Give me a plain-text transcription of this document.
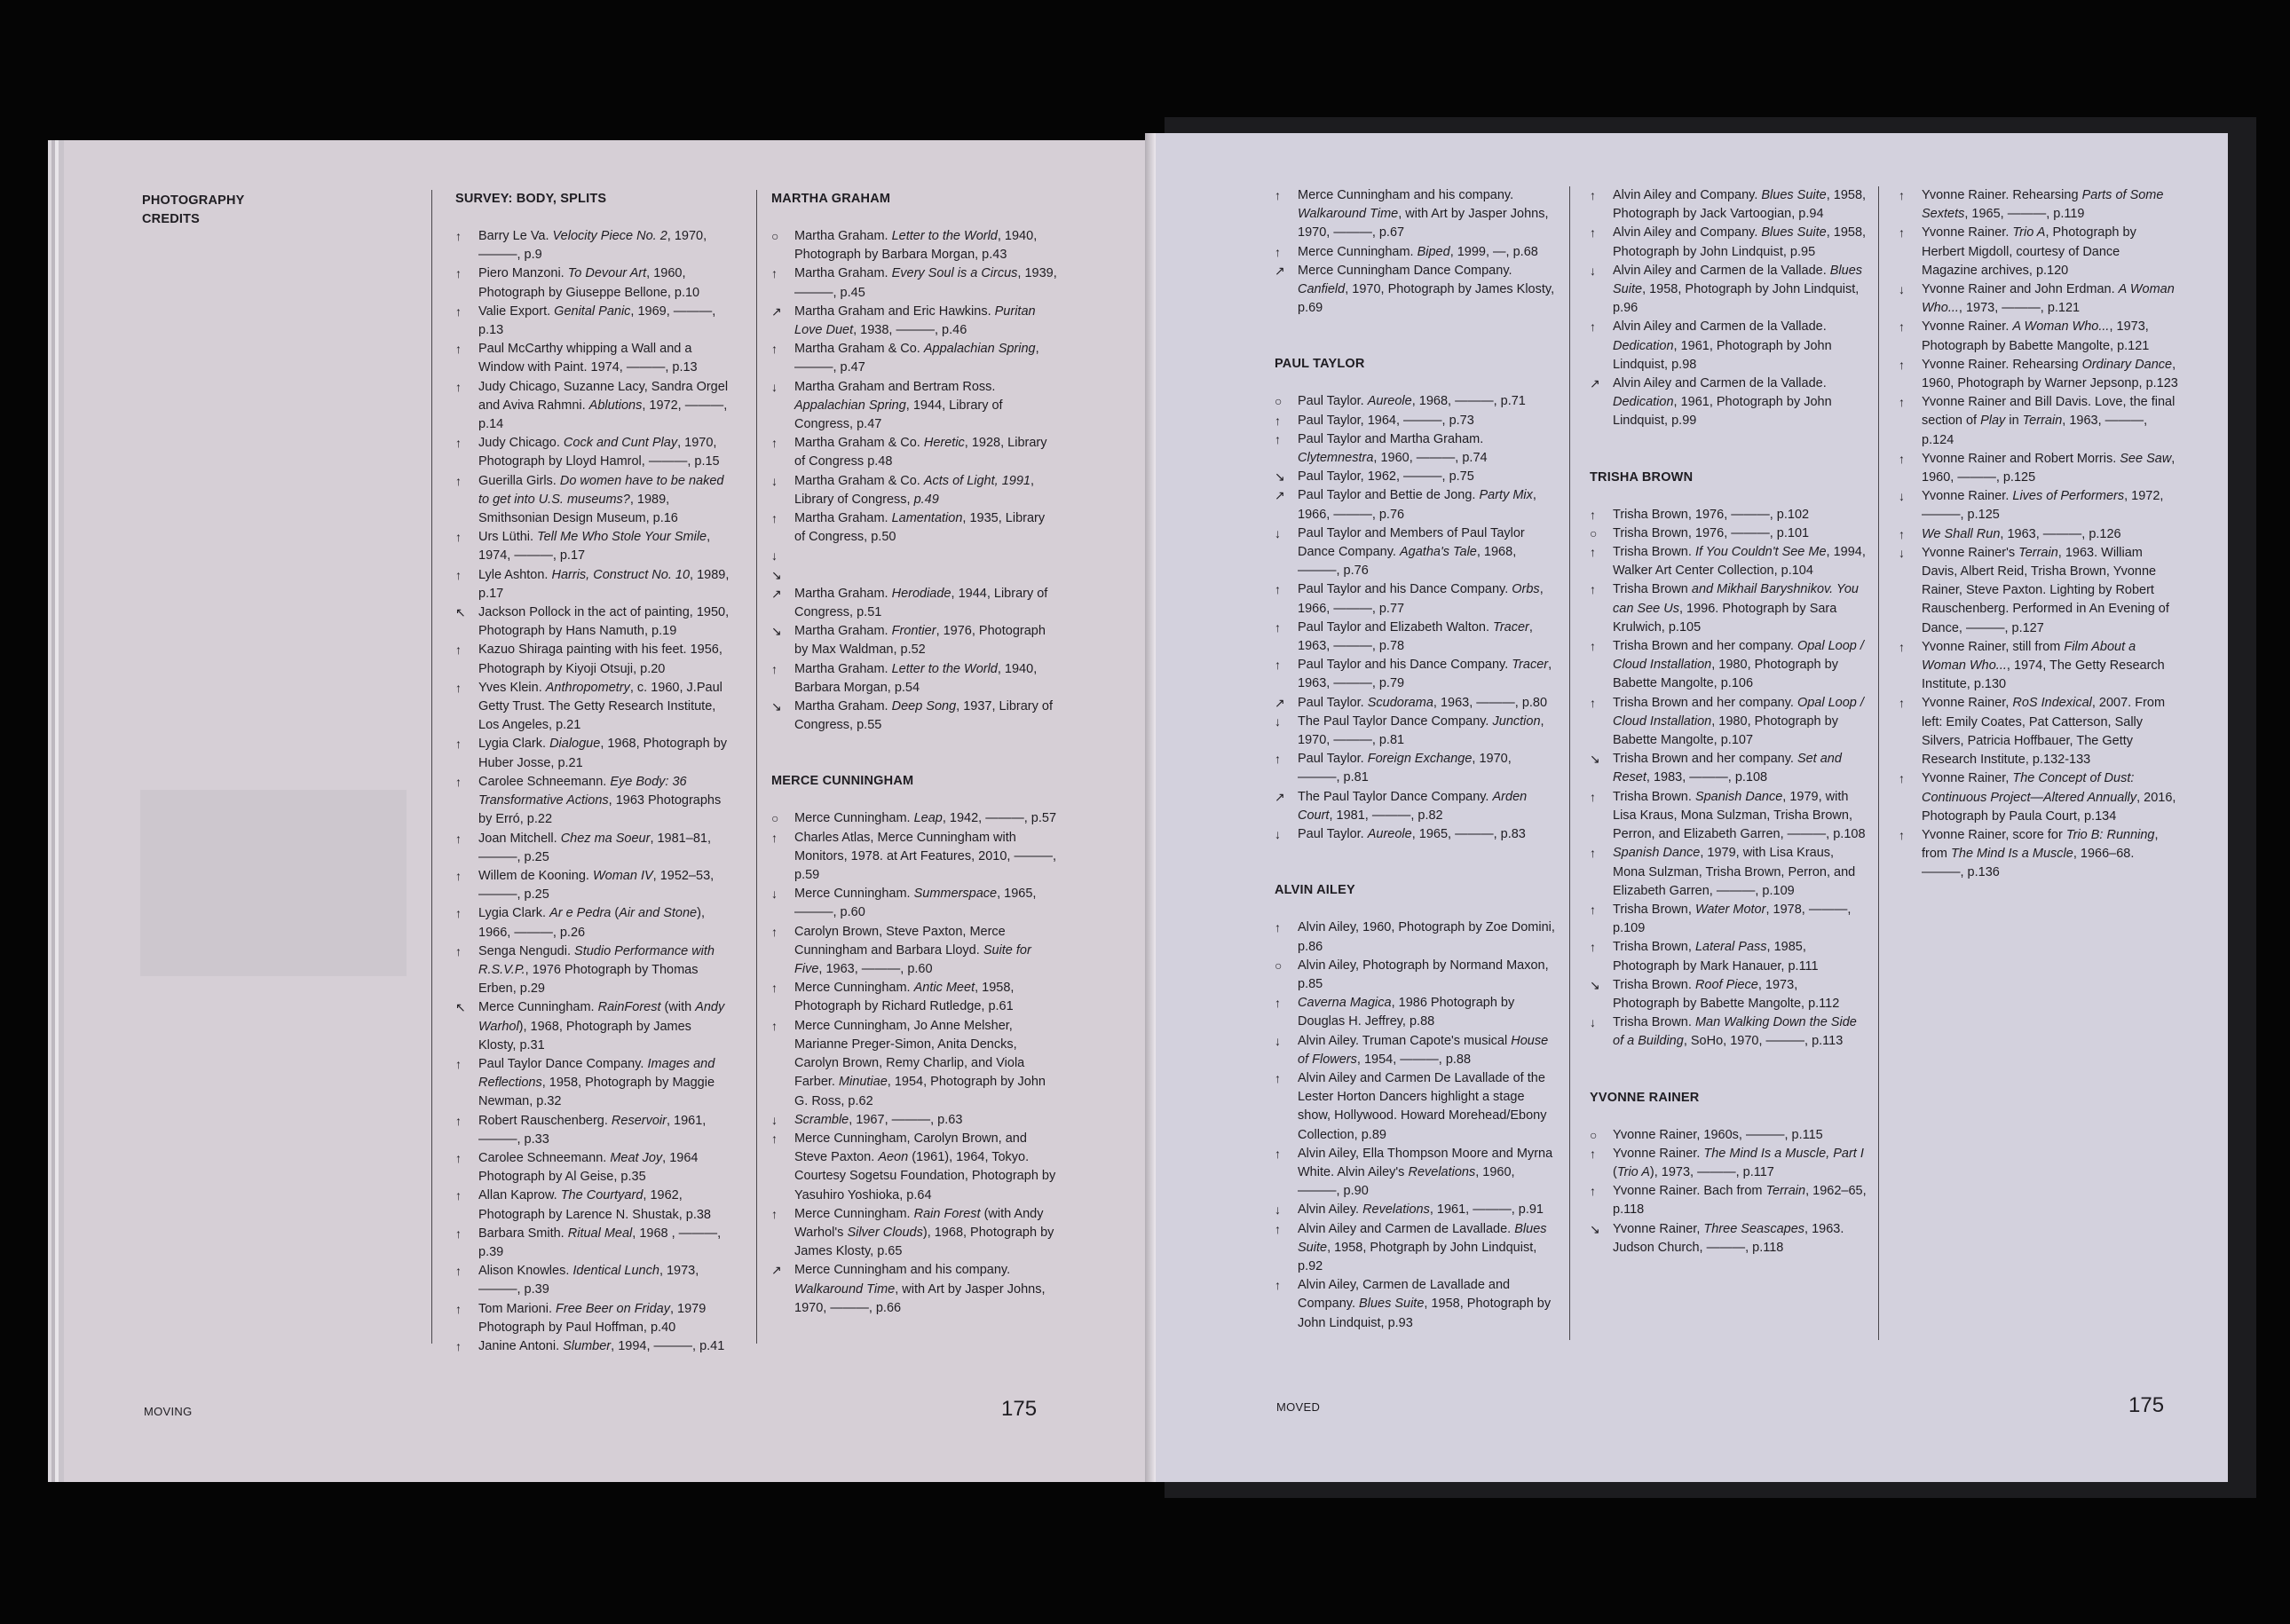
PHOTOGRAPHY
CREDITS
SURVEY: BODY, SPLITS
↑	Barry Le Va. Velocity Piece No. 2, 1970, ———, p.9
↑	Piero Manzoni. To Devour Art, 1960, Photograph by Giuseppe Bellone, p.10
↑	Valie Export. Genital Panic, 1969, ———, p.13
↑	Paul McCarthy whipping a Wall and a Window with Paint. 1974, ———, p.13
↑	Judy Chicago, Suzanne Lacy, Sandra Orgel and Aviva Rahmni. Ablutions, 1972, ———, p.14
↑	Judy Chicago. Cock and Cunt Play, 1970, Photograph by Lloyd Hamrol, ———, p.15
↑	Guerilla Girls. Do women have to be naked to get into U.S. museums?, 1989, Smithsonian Design Museum, p.16
↑	Urs Lüthi. Tell Me Who Stole Your Smile, 1974, ———, p.17
↑	Lyle Ashton. Harris, Construct No. 10, 1989, p.17
↖ Jackson Pollock in the act of painting, 1950, Photograph by Hans Namuth, p.19
↑	Kazuo Shiraga painting with his feet. 1956, Photograph by Kiyoji Otsuji, p.20
↑	Yves Klein. Anthropometry, c. 1960, J.Paul Getty Trust. The Getty Research Institute, Los Angeles, p.21
↑	Lygia Clark. Dialogue, 1968, Photograph by Huber Josse, p.21
↑	Carolee Schneemann. Eye Body: 36 Transformative Actions, 1963 Photographs by Erró, p.22
↑	Joan Mitchell. Chez ma Soeur, 1981–81, ———, p.25
↑	Willem de Kooning. Woman IV, 1952–53, ———, p.25
↑	Lygia Clark. Ar e Pedra (Air and Stone), 1966, ———, p.26
↑	Senga Nengudi. Studio Performance with R.S.V.P., 1976 Photograph by Thomas Erben, p.29
↖ Merce Cunningham. RainForest (with Andy Warhol), 1968, Photograph by James Klosty, p.31
↑	Paul Taylor Dance Company. Images and Reflections, 1958, Photograph by Maggie Newman, p.32
↑	Robert Rauschenberg. Reservoir, 1961, ———, p.33
↑	Carolee Schneemann. Meat Joy, 1964 Photograph by Al Geise, p.35
↑	Allan Kaprow. The Courtyard, 1962, Photograph by Larence N. Shustak, p.38
↑	Barbara Smith. Ritual Meal, 1968 , ———, p.39
↑	Alison Knowles. Identical Lunch, 1973, ———, p.39
↑	Tom Marioni. Free Beer on Friday, 1979 Photograph by Paul Hoffman, p.40
↑	Janine Antoni. Slumber, 1994, ———, p.41
MARTHA GRAHAM
○	Martha Graham. Letter to the World, 1940, Photograph by Barbara Morgan, p.43
↑	Martha Graham. Every Soul is a Circus, 1939, ———, p.45
↗ Martha Graham and Eric Hawkins. Puritan Love Duet, 1938, ———, p.46
↑	Martha Graham & Co. Appalachian Spring, ———, p.47
↓	Martha Graham and Bertram Ross. Appalachian Spring, 1944, Library of Congress, p.47
↑	Martha Graham & Co. Heretic, 1928, Library of Congress p.48
↓	Martha Graham & Co. Acts of Light, 1991, Library of Congress, p.49
↑	Martha Graham. Lamentation, 1935, Library of Congress, p.50
↓
↘
↗ Martha Graham. Herodiade, 1944, Library of Congress, p.51
↘ Martha Graham. Frontier, 1976, Photograph by Max Waldman, p.52
↑	Martha Graham. Letter to the World, 1940, Barbara Morgan, p.54
↘ Martha Graham. Deep Song, 1937, Library of Congress, p.55
MERCE CUNNINGHAM
○	Merce Cunningham. Leap, 1942, ———, p.57
↑	Charles Atlas, Merce Cunningham with Monitors, 1978. at Art Features, 2010, ———, p.59
↓	Merce Cunningham. Summerspace, 1965, ———, p.60
↑	Carolyn Brown, Steve Paxton, Merce Cunningham and Barbara Lloyd. Suite for Five, 1963, ———, p.60
↑	Merce Cunningham. Antic Meet, 1958, Photograph by Richard Rutledge, p.61
↑	Merce Cunningham, Jo Anne Melsher, Marianne Preger-Simon, Anita Dencks, Carolyn Brown, Remy Charlip, and Viola Farber. Minutiae, 1954, Photograph by John G. Ross, p.62
↓	Scramble, 1967, ———, p.63
↑	Merce Cunningham, Carolyn Brown, and Steve Paxton. Aeon (1961), 1964, Tokyo. Courtesy Sogetsu Foundation, Photograph by Yasuhiro Yoshioka, p.64
↑	Merce Cunningham. Rain Forest (with Andy Warhol's Silver Clouds), 1968, Photograph by James Klosty, p.65
↗ Merce Cunningham and his company. Walkaround Time, with Art by Jasper Johns, 1970, ———, p.66
↑	Merce Cunningham and his company. Walkaround Time, with Art by Jasper Johns, 1970, ———, p.67
↑	Merce Cunningham. Biped, 1999, —, p.68
↗ Merce Cunningham Dance Company. Canfield, 1970, Photograph by James Klosty, p.69
PAUL TAYLOR
○	Paul Taylor. Aureole, 1968, ———, p.71
↑	Paul Taylor, 1964, ———, p.73
↑	Paul Taylor and Martha Graham. Clytemnestra, 1960, ———, p.74
↘ Paul Taylor, 1962, ———, p.75
↗ Paul Taylor and Bettie de Jong. Party Mix, 1966, ———, p.76
↓	Paul Taylor and Members of Paul Taylor Dance Company. Agatha's Tale, 1968, ———, p.76
↑	Paul Taylor and his Dance Company. Orbs, 1966, ———, p.77
↑	Paul Taylor and Elizabeth Walton. Tracer, 1963, ———, p.78
↑	Paul Taylor and his Dance Company. Tracer, 1963, ———, p.79
↗ Paul Taylor. Scudorama, 1963, ———, p.80
↓	The Paul Taylor Dance Company. Junction, 1970, ———, p.81
↑	Paul Taylor. Foreign Exchange, 1970, ———, p.81
↗ The Paul Taylor Dance Company. Arden Court, 1981, ———, p.82
↓	Paul Taylor. Aureole, 1965, ———, p.83
ALVIN AILEY
↑	Alvin Ailey, 1960, Photograph by Zoe Domini, p.86
○	Alvin Ailey, Photograph by Normand Maxon, p.85
↑	Caverna Magica, 1986 Photograph by Douglas H. Jeffrey, p.88
↓	Alvin Ailey. Truman Capote's musical House of Flowers, 1954, ———, p.88
↑	Alvin Ailey and Carmen De Lavallade of the Lester Horton Dancers highlight a stage show, Hollywood. Howard Morehead/Ebony Collection, p.89
↑	Alvin Ailey, Ella Thompson Moore and Myrna White. Alvin Ailey's Revelations, 1960, ———, p.90
↓	Alvin Ailey. Revelations, 1961, ———, p.91
↑	Alvin Ailey and Carmen de Lavallade. Blues Suite, 1958, Photgraph by John Lindquist, p.92
↑	Alvin Ailey, Carmen de Lavallade and Company. Blues Suite, 1958, Photograph by John Lindquist, p.93
↑	Alvin Ailey and Company. Blues Suite, 1958, Photograph by Jack Vartoogian, p.94
↑	Alvin Ailey and Company. Blues Suite, 1958, Photograph by John Lindquist, p.95
↓	Alvin Ailey and Carmen de la Vallade. Blues Suite, 1958, Photograph by John Lindquist, p.96
↑	Alvin Ailey and Carmen de la Vallade. Dedication, 1961, Photograph by John Lindquist, p.98
↗ Alvin Ailey and Carmen de la Vallade. Dedication, 1961, Photograph by John Lindquist, p.99
TRISHA BROWN
↑	Trisha Brown, 1976, ———, p.102
○	Trisha Brown, 1976, ———, p.101
↑	Trisha Brown. If You Couldn't See Me, 1994, Walker Art Center Collection, p.104
↑	Trisha Brown and Mikhail Baryshnikov. You can See Us, 1996. Photograph by Sara Krulwich, p.105
↑	Trisha Brown and her company. Opal Loop / Cloud Installation, 1980, Photograph by Babette Mangolte, p.106
↑	Trisha Brown and her company. Opal Loop / Cloud Installation, 1980, Photograph by Babette Mangolte, p.107
↘ Trisha Brown and her company. Set and Reset, 1983, ———, p.108
↑	Trisha Brown. Spanish Dance, 1979, with Lisa Kraus, Mona Sulzman, Trisha Brown, Perron, and Elizabeth Garren, ———, p.108
↑	Spanish Dance, 1979, with Lisa Kraus, Mona Sulzman, Trisha Brown, Perron, and Elizabeth Garren, ———, p.109
↑	Trisha Brown, Water Motor, 1978, ———, p.109
↑	Trisha Brown, Lateral Pass, 1985, Photograph by Mark Hanauer, p.111
↘ Trisha Brown. Roof Piece, 1973, Photograph by Babette Mangolte, p.112
↓	Trisha Brown. Man Walking Down the Side of a Building, SoHo, 1970, ———, p.113
YVONNE RAINER
○	Yvonne Rainer, 1960s, ———, p.115
↑	Yvonne Rainer. The Mind Is a Muscle, Part I (Trio A), 1973, ———, p.117
↑	Yvonne Rainer. Bach from Terrain, 1962–65, p.118
↘ Yvonne Rainer, Three Seascapes, 1963. Judson Church, ———, p.118
↑	Yvonne Rainer. Rehearsing Parts of Some Sextets, 1965, ———, p.119
↑	Yvonne Rainer. Trio A, Photograph by Herbert Migdoll, courtesy of Dance Magazine archives, p.120
↓	Yvonne Rainer and John Erdman. A Woman Who..., 1973, ———, p.121
↑	Yvonne Rainer. A Woman Who..., 1973, Photograph by Babette Mangolte, p.121
↑	Yvonne Rainer. Rehearsing Ordinary Dance, 1960, Photograph by Warner Jepsonp, p.123
↑	Yvonne Rainer and Bill Davis. Love, the final section of Play in Terrain, 1963, ———, p.124
↑	Yvonne Rainer and Robert Morris. See Saw, 1960, ———, p.125
↓	Yvonne Rainer. Lives of Performers, 1972, ———, p.125
↑	We Shall Run, 1963, ———, p.126
↓	Yvonne Rainer's Terrain, 1963. William Davis, Albert Reid, Trisha Brown, Yvonne Rainer, Steve Paxton. Lighting by Robert Rauschenberg. Performed in An Evening of Dance, ———, p.127
↑	Yvonne Rainer, still from Film About a Woman Who..., 1974, The Getty Research Institute, p.130
↑	Yvonne Rainer, RoS Indexical, 2007. From left: Emily Coates, Pat Catterson, Sally Silvers, Patricia Hoffbauer, The Getty Research Institute, p.132-133
↑	Yvonne Rainer, The Concept of Dust: Continuous Project—Altered Annually, 2016, Photograph by Paula Court, p.134
↑	Yvonne Rainer, score for Trio B: Running, from The Mind Is a Muscle, 1966–68. ———, p.136
MOVING	175	MOVED	175
